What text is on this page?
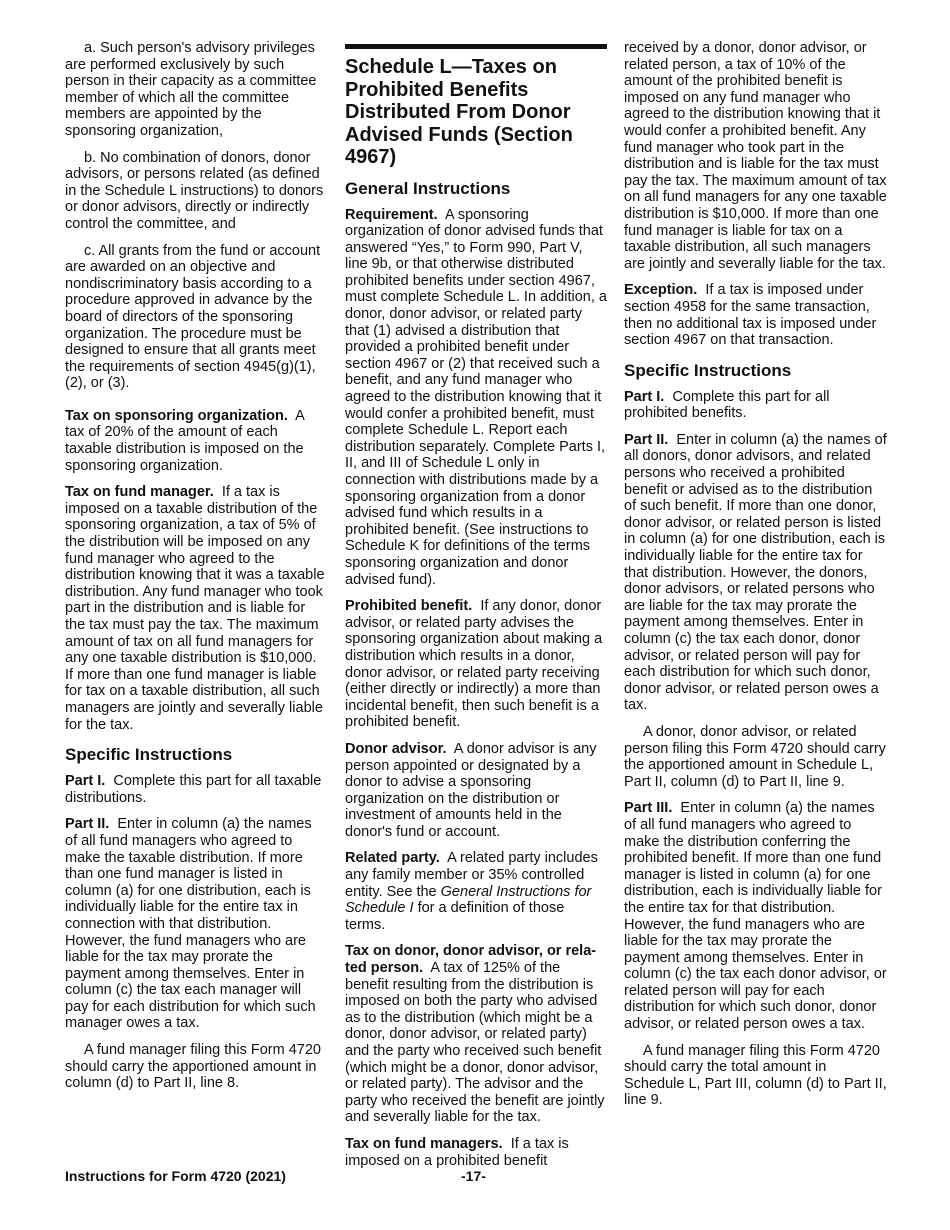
a. Such person's advisory privileges are performed exclusively by such person in their capacity as a committee member of which all the committee members are appointed by the sponsoring organization,

b. No combination of donors, donor advisors, or persons related (as defined in the Schedule L instructions) to donors or donor advisors, directly or indirectly control the committee, and

c. All grants from the fund or account are awarded on an objective and nondiscriminatory basis according to a procedure approved in advance by the board of directors of the sponsoring organization. The procedure must be designed to ensure that all grants meet the requirements of section 4945(g)(1), (2), or (3).

Tax on sponsoring organization. A tax of 20% of the amount of each taxable distribution is imposed on the sponsoring organization.

Tax on fund manager. If a tax is imposed on a taxable distribution of the sponsoring organization, a tax of 5% of the distribution will be imposed on any fund manager who agreed to the distribution knowing that it was a taxable distribution. Any fund manager who took part in the distribution and is liable for the tax must pay the tax. The maximum amount of tax on all fund managers for any one taxable distribution is $10,000. If more than one fund manager is liable for tax on a taxable distribution, all such managers are jointly and severally liable for the tax.

Specific Instructions

Part I. Complete this part for all taxable distributions.

Part II. Enter in column (a) the names of all fund managers who agreed to make the taxable distribution. If more than one fund manager is listed in column (a) for one distribution, each is individually liable for the entire tax in connection with that distribution. However, the fund managers who are liable for the tax may prorate the payment among themselves. Enter in column (c) the tax each manager will pay for each distribution for which such manager owes a tax.

A fund manager filing this Form 4720 should carry the apportioned amount in column (d) to Part II, line 8.

Schedule L—Taxes on Prohibited Benefits Distributed From Donor Advised Funds (Section 4967)
General Instructions

Requirement. A sponsoring organization of donor advised funds that answered “Yes,” to Form 990, Part V, line 9b, or that otherwise distributed prohibited benefits under section 4967, must complete Schedule L. In addition, a donor, donor advisor, or related party that (1) advised a distribution that provided a prohibited benefit under section 4967 or (2) that received such a benefit, and any fund manager who agreed to the distribution knowing that it would confer a prohibited benefit, must complete Schedule L. Report each distribution separately. Complete Parts I, II, and III of Schedule L only in connection with distributions made by a sponsoring organization from a donor advised fund which results in a prohibited benefit. (See instructions to Schedule K for definitions of the terms sponsoring organization and donor advised fund).

Prohibited benefit. If any donor, donor advisor, or related party advises the sponsoring organization about making a distribution which results in a donor, donor advisor, or related party receiving (either directly or indirectly) a more than incidental benefit, then such benefit is a prohibited benefit.

Donor advisor. A donor advisor is any person appointed or designated by a donor to advise a sponsoring organization on the distribution or investment of amounts held in the donor's fund or account.

Related party. A related party includes any family member or 35% controlled entity. See the General Instructions for Schedule I for a definition of those terms.

Tax on donor, donor advisor, or rela-ted person. A tax of 125% of the benefit resulting from the distribution is imposed on both the party who advised as to the distribution (which might be a donor, donor advisor, or related party) and the party who received such benefit (which might be a donor, donor advisor, or related party). The advisor and the party who received the benefit are jointly and severally liable for the tax.

Tax on fund managers. If a tax is imposed on a prohibited benefit

received by a donor, donor advisor, or related person, a tax of 10% of the amount of the prohibited benefit is imposed on any fund manager who agreed to the distribution knowing that it would confer a prohibited benefit. Any fund manager who took part in the distribution and is liable for the tax must pay the tax. The maximum amount of tax on all fund managers for any one taxable distribution is $10,000. If more than one fund manager is liable for tax on a taxable distribution, all such managers are jointly and severally liable for the tax.

Exception. If a tax is imposed under section 4958 for the same transaction, then no additional tax is imposed under section 4967 on that transaction.

Specific Instructions

Part I. Complete this part for all prohibited benefits.

Part II. Enter in column (a) the names of all donors, donor advisors, and related persons who received a prohibited benefit or advised as to the distribution of such benefit. If more than one donor, donor advisor, or related person is listed in column (a) for one distribution, each is individually liable for the entire tax for that distribution. However, the donors, donor advisors, or related persons who are liable for the tax may prorate the payment among themselves. Enter in column (c) the tax each donor, donor advisor, or related person will pay for each distribution for which such donor, donor advisor, or related person owes a tax.

A donor, donor advisor, or related person filing this Form 4720 should carry the apportioned amount in Schedule L, Part II, column (d) to Part II, line 9.

Part III. Enter in column (a) the names of all fund managers who agreed to make the distribution conferring the prohibited benefit. If more than one fund manager is listed in column (a) for one distribution, each is individually liable for the entire tax for that distribution. However, the fund managers who are liable for the tax may prorate the payment among themselves. Enter in column (c) the tax each donor advisor, or related person will pay for each distribution for which such donor, donor advisor, or related person owes a tax.

A fund manager filing this Form 4720 should carry the total amount in Schedule L, Part III, column (d) to Part II, line 9.

Instructions for Form 4720 (2021)	-17-
